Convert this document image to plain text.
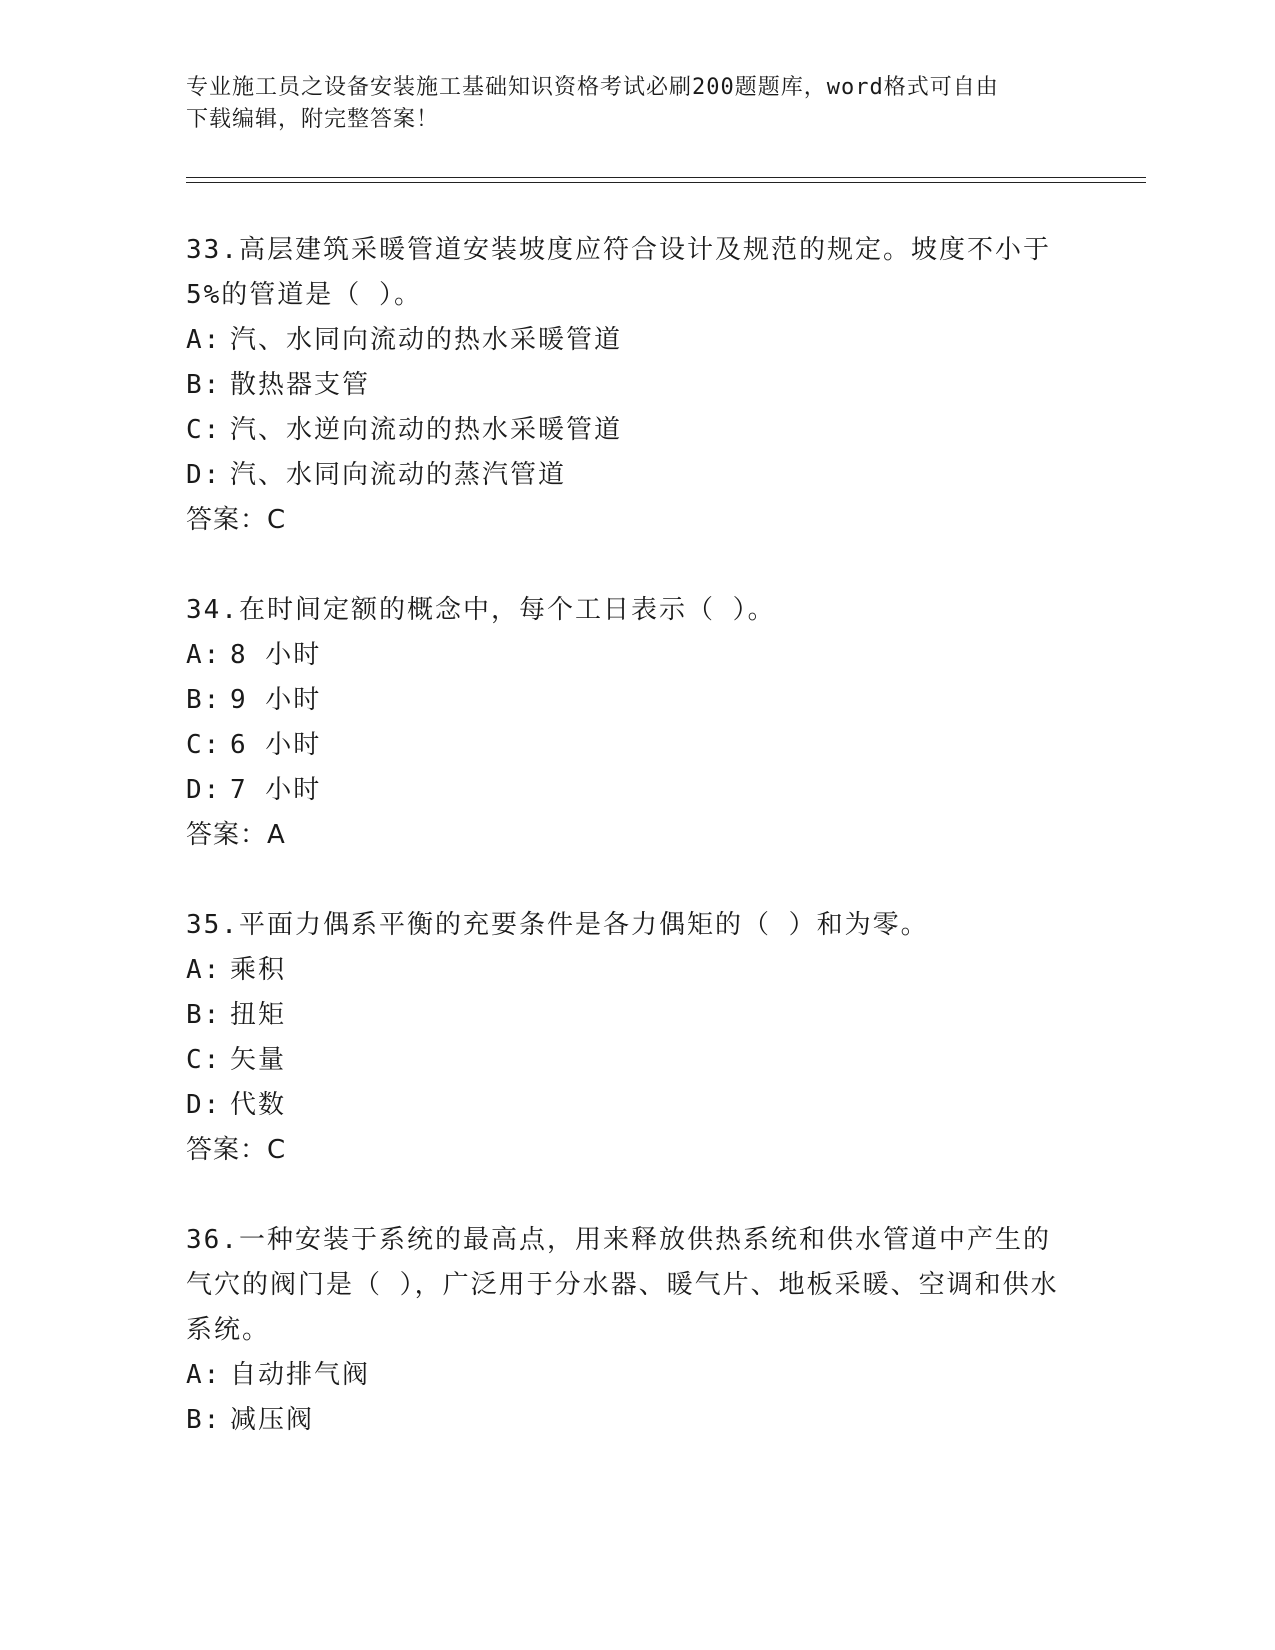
专业施工员之设备安装施工基础知识资格考试必刷200题题库，word格式可自由
下载编辑，附完整答案！
33.高层建筑采暖管道安装坡度应符合设计及规范的规定。坡度不小于5%的管道是（ ）。
A: 汽、水同向流动的热水采暖管道
B: 散热器支管
C: 汽、水逆向流动的热水采暖管道
D: 汽、水同向流动的蒸汽管道
答案：C
34.在时间定额的概念中，每个工日表示（ ）。
A: 8 小时
B: 9 小时
C: 6 小时
D: 7 小时
答案：A
35.平面力偶系平衡的充要条件是各力偶矩的（ ）和为零。
A: 乘积
B: 扭矩
C: 矢量
D: 代数
答案：C
36.一种安装于系统的最高点，用来释放供热系统和供水管道中产生的气穴的阀门是（ ），广泛用于分水器、暖气片、地板采暖、空调和供水系统。
A: 自动排气阀
B: 减压阀
